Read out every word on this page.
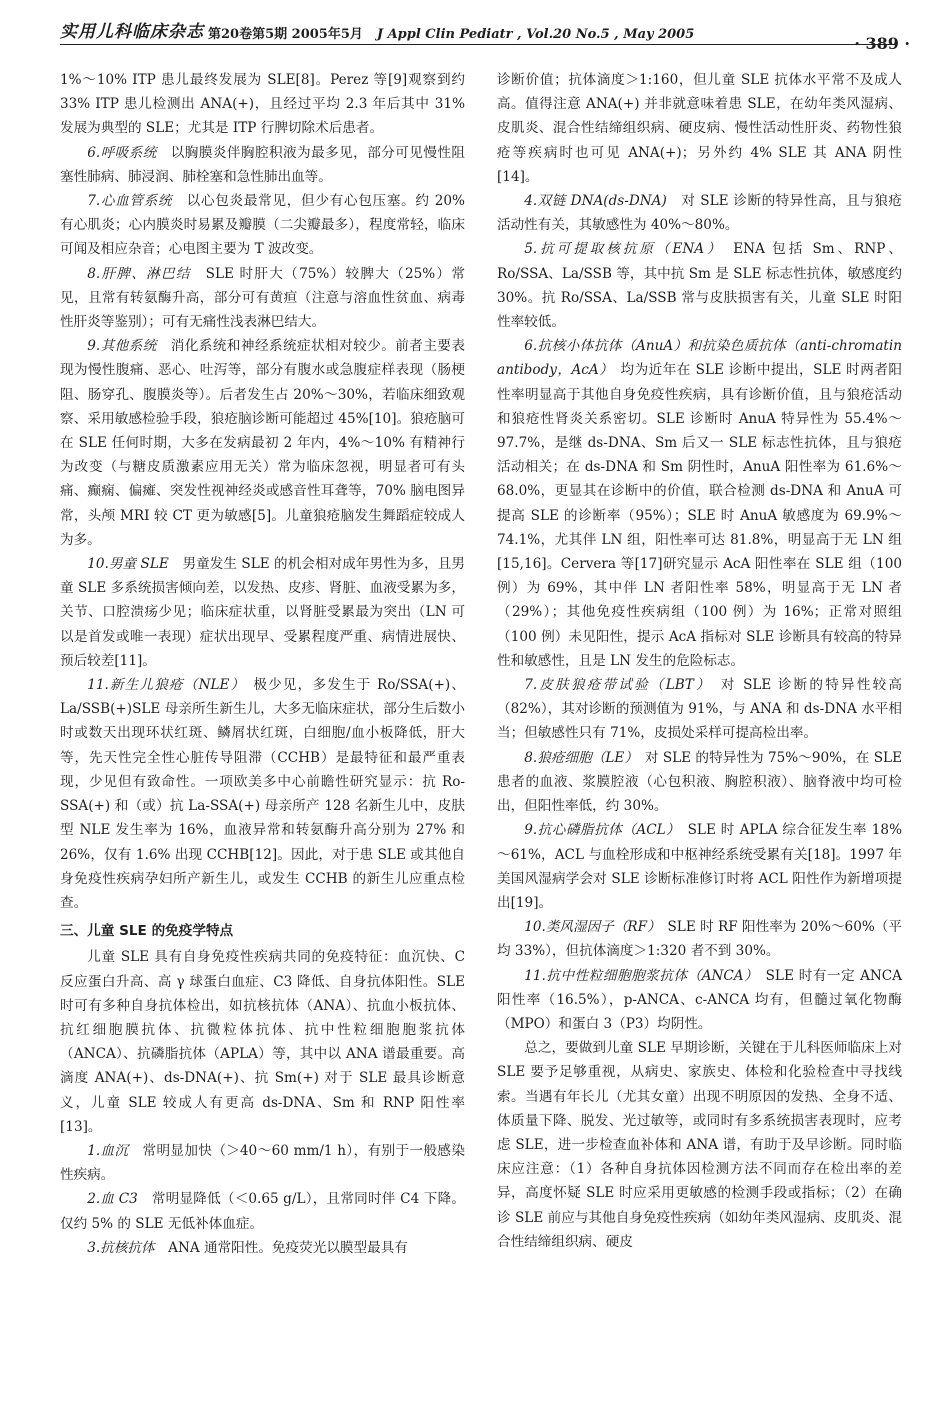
实用儿科临床杂志 第20卷第5期 2005年5月 J Appl Clin Pediatr , Vol.20 No.5 , May 2005	· 389 ·

1%～10% ITP 患儿最终发展为 SLE[8]。Perez 等[9]观察到约 33% ITP 患儿检测出 ANA(+)，且经过平均 2.3 年后其中 31% 发展为典型的 SLE；尤其是 ITP 行脾切除术后患者。

6.呼吸系统　以胸膜炎伴胸腔积液为最多见，部分可见慢性阻塞性肺病、肺浸润、肺栓塞和急性肺出血等。

7.心血管系统　以心包炎最常见，但少有心包压塞。约 20% 有心肌炎；心内膜炎时易累及瓣膜（二尖瓣最多），程度常轻，临床可闻及相应杂音；心电图主要为 T 波改变。

8.肝脾、淋巴结　SLE 时肝大（75%）较脾大（25%）常见，且常有转氨酶升高，部分可有黄疸（注意与溶血性贫血、病毒性肝炎等鉴别）；可有无痛性浅表淋巴结大。

9.其他系统　消化系统和神经系统症状相对较少。前者主要表现为慢性腹痛、恶心、吐泻等，部分有腹水或急腹症样表现（肠梗阻、肠穿孔、腹膜炎等）。后者发生占 20%～30%，若临床细致观察、采用敏感检验手段，狼疮脑诊断可能超过 45%[10]。狼疮脑可在 SLE 任何时期，大多在发病最初 2 年内，4%～10% 有精神行为改变（与糖皮质激素应用无关）常为临床忽视，明显者可有头痛、癫痫、偏瘫、突发性视神经炎或感音性耳聋等，70% 脑电图异常，头颅 MRI 较 CT 更为敏感[5]。儿童狼疮脑发生舞蹈症较成人为多。

10.男童 SLE　男童发生 SLE 的机会相对成年男性为多，且男童 SLE 多系统损害倾向差，以发热、皮疹、肾脏、血液受累为多，关节、口腔溃疡少见；临床症状重，以肾脏受累最为突出（LN 可以是首发或唯一表现）症状出现早、受累程度严重、病情进展快、预后较差[11]。

11.新生儿狼疮（NLE）　极少见，多发生于 Ro/SSA(+)、La/SSB(+)SLE 母亲所生新生儿，大多无临床症状，部分生后数小时或数天出现环状红斑、鳞屑状红斑，白细胞/血小板降低，肝大等，先天性完全性心脏传导阻滞（CCHB）是最特征和最严重表现，少见但有致命性。一项欧美多中心前瞻性研究显示：抗 Ro-SSA(+) 和（或）抗 La-SSA(+) 母亲所产 128 名新生儿中，皮肤型 NLE 发生率为 16%，血液异常和转氨酶升高分别为 27% 和 26%，仅有 1.6% 出现 CCHB[12]。因此，对于患 SLE 或其他自身免疫性疾病孕妇所产新生儿，或发生 CCHB 的新生儿应重点检查。

三、儿童 SLE 的免疫学特点

儿童 SLE 具有自身免疫性疾病共同的免疫特征：血沉快、C 反应蛋白升高、高 γ 球蛋白血症、C3 降低、自身抗体阳性。SLE 时可有多种自身抗体检出，如抗核抗体（ANA）、抗血小板抗体、抗红细胞膜抗体、抗微粒体抗体、抗中性粒细胞胞浆抗体（ANCA）、抗磷脂抗体（APLA）等，其中以 ANA 谱最重要。高滴度 ANA(+)、ds-DNA(+)、抗 Sm(+) 对于 SLE 最具诊断意义，儿童 SLE 较成人有更高 ds-DNA、Sm 和 RNP 阳性率[13]。

1.血沉　常明显加快（＞40～60 mm/1 h），有别于一般感染性疾病。

2.血 C3　常明显降低（＜0.65 g/L），且常同时伴 C4 下降。仅约 5% 的 SLE 无低补体血症。

3.抗核抗体　ANA 通常阳性。免疫荧光以膜型最具有

诊断价值；抗体滴度＞1:160，但儿童 SLE 抗体水平常不及成人高。值得注意 ANA(+) 并非就意味着患 SLE，在幼年类风湿病、皮肌炎、混合性结缔组织病、硬皮病、慢性活动性肝炎、药物性狼疮等疾病时也可见 ANA(+)；另外约 4% SLE 其 ANA 阴性[14]。

4.双链 DNA(ds-DNA)　对 SLE 诊断的特异性高，且与狼疮活动性有关，其敏感性为 40%～80%。

5.抗可提取核抗原（ENA）　ENA 包括 Sm、RNP、Ro/SSA、La/SSB 等，其中抗 Sm 是 SLE 标志性抗体，敏感度约 30%。抗 Ro/SSA、La/SSB 常与皮肤损害有关，儿童 SLE 时阳性率较低。

6.抗核小体抗体（AnuA）和抗染色质抗体（anti-chromatin antibody，AcA）　均为近年在 SLE 诊断中提出，SLE 时两者阳性率明显高于其他自身免疫性疾病，具有诊断价值，且与狼疮活动和狼疮性肾炎关系密切。SLE 诊断时 AnuA 特异性为 55.4%～97.7%，是继 ds-DNA、Sm 后又一 SLE 标志性抗体，且与狼疮活动相关；在 ds-DNA 和 Sm 阴性时，AnuA 阳性率为 61.6%～68.0%，更显其在诊断中的价值，联合检测 ds-DNA 和 AnuA 可提高 SLE 的诊断率（95%）；SLE 时 AnuA 敏感度为 69.9%～74.1%，尤其伴 LN 组，阳性率可达 81.8%，明显高于无 LN 组[15,16]。Cervera 等[17]研究显示 AcA 阳性率在 SLE 组（100 例）为 69%，其中伴 LN 者阳性率 58%，明显高于无 LN 者（29%）；其他免疫性疾病组（100 例）为 16%；正常对照组（100 例）未见阳性，提示 AcA 指标对 SLE 诊断具有较高的特异性和敏感性，且是 LN 发生的危险标志。

7.皮肤狼疮带试验（LBT）　对 SLE 诊断的特异性较高（82%），其对诊断的预测值为 91%，与 ANA 和 ds-DNA 水平相当；但敏感性只有 71%，皮损处采样可提高检出率。

8.狼疮细胞（LE）　对 SLE 的特异性为 75%～90%，在 SLE 患者的血液、浆膜腔液（心包积液、胸腔积液）、脑脊液中均可检出，但阳性率低，约 30%。

9.抗心磷脂抗体（ACL）　SLE 时 APLA 综合征发生率 18%～61%，ACL 与血栓形成和中枢神经系统受累有关[18]。1997 年美国风湿病学会对 SLE 诊断标准修订时将 ACL 阳性作为新增项提出[19]。

10.类风湿因子（RF）　SLE 时 RF 阳性率为 20%～60%（平均 33%），但抗体滴度＞1:320 者不到 30%。

11.抗中性粒细胞胞浆抗体（ANCA）　SLE 时有一定 ANCA 阳性率（16.5%），p-ANCA、c-ANCA 均有，但髓过氧化物酶（MPO）和蛋白 3（P3）均阴性。

总之，要做到儿童 SLE 早期诊断，关键在于儿科医师临床上对 SLE 要予足够重视，从病史、家族史、体检和化验检查中寻找线索。当遇有年长儿（尤其女童）出现不明原因的发热、全身不适、体质量下降、脱发、光过敏等，或同时有多系统损害表现时，应考虑 SLE，进一步检查血补体和 ANA 谱，有助于及早诊断。同时临床应注意：（1）各种自身抗体因检测方法不同而存在检出率的差异，高度怀疑 SLE 时应采用更敏感的检测手段或指标；（2）在确诊 SLE 前应与其他自身免疫性疾病（如幼年类风湿病、皮肌炎、混合性结缔组织病、硬皮
